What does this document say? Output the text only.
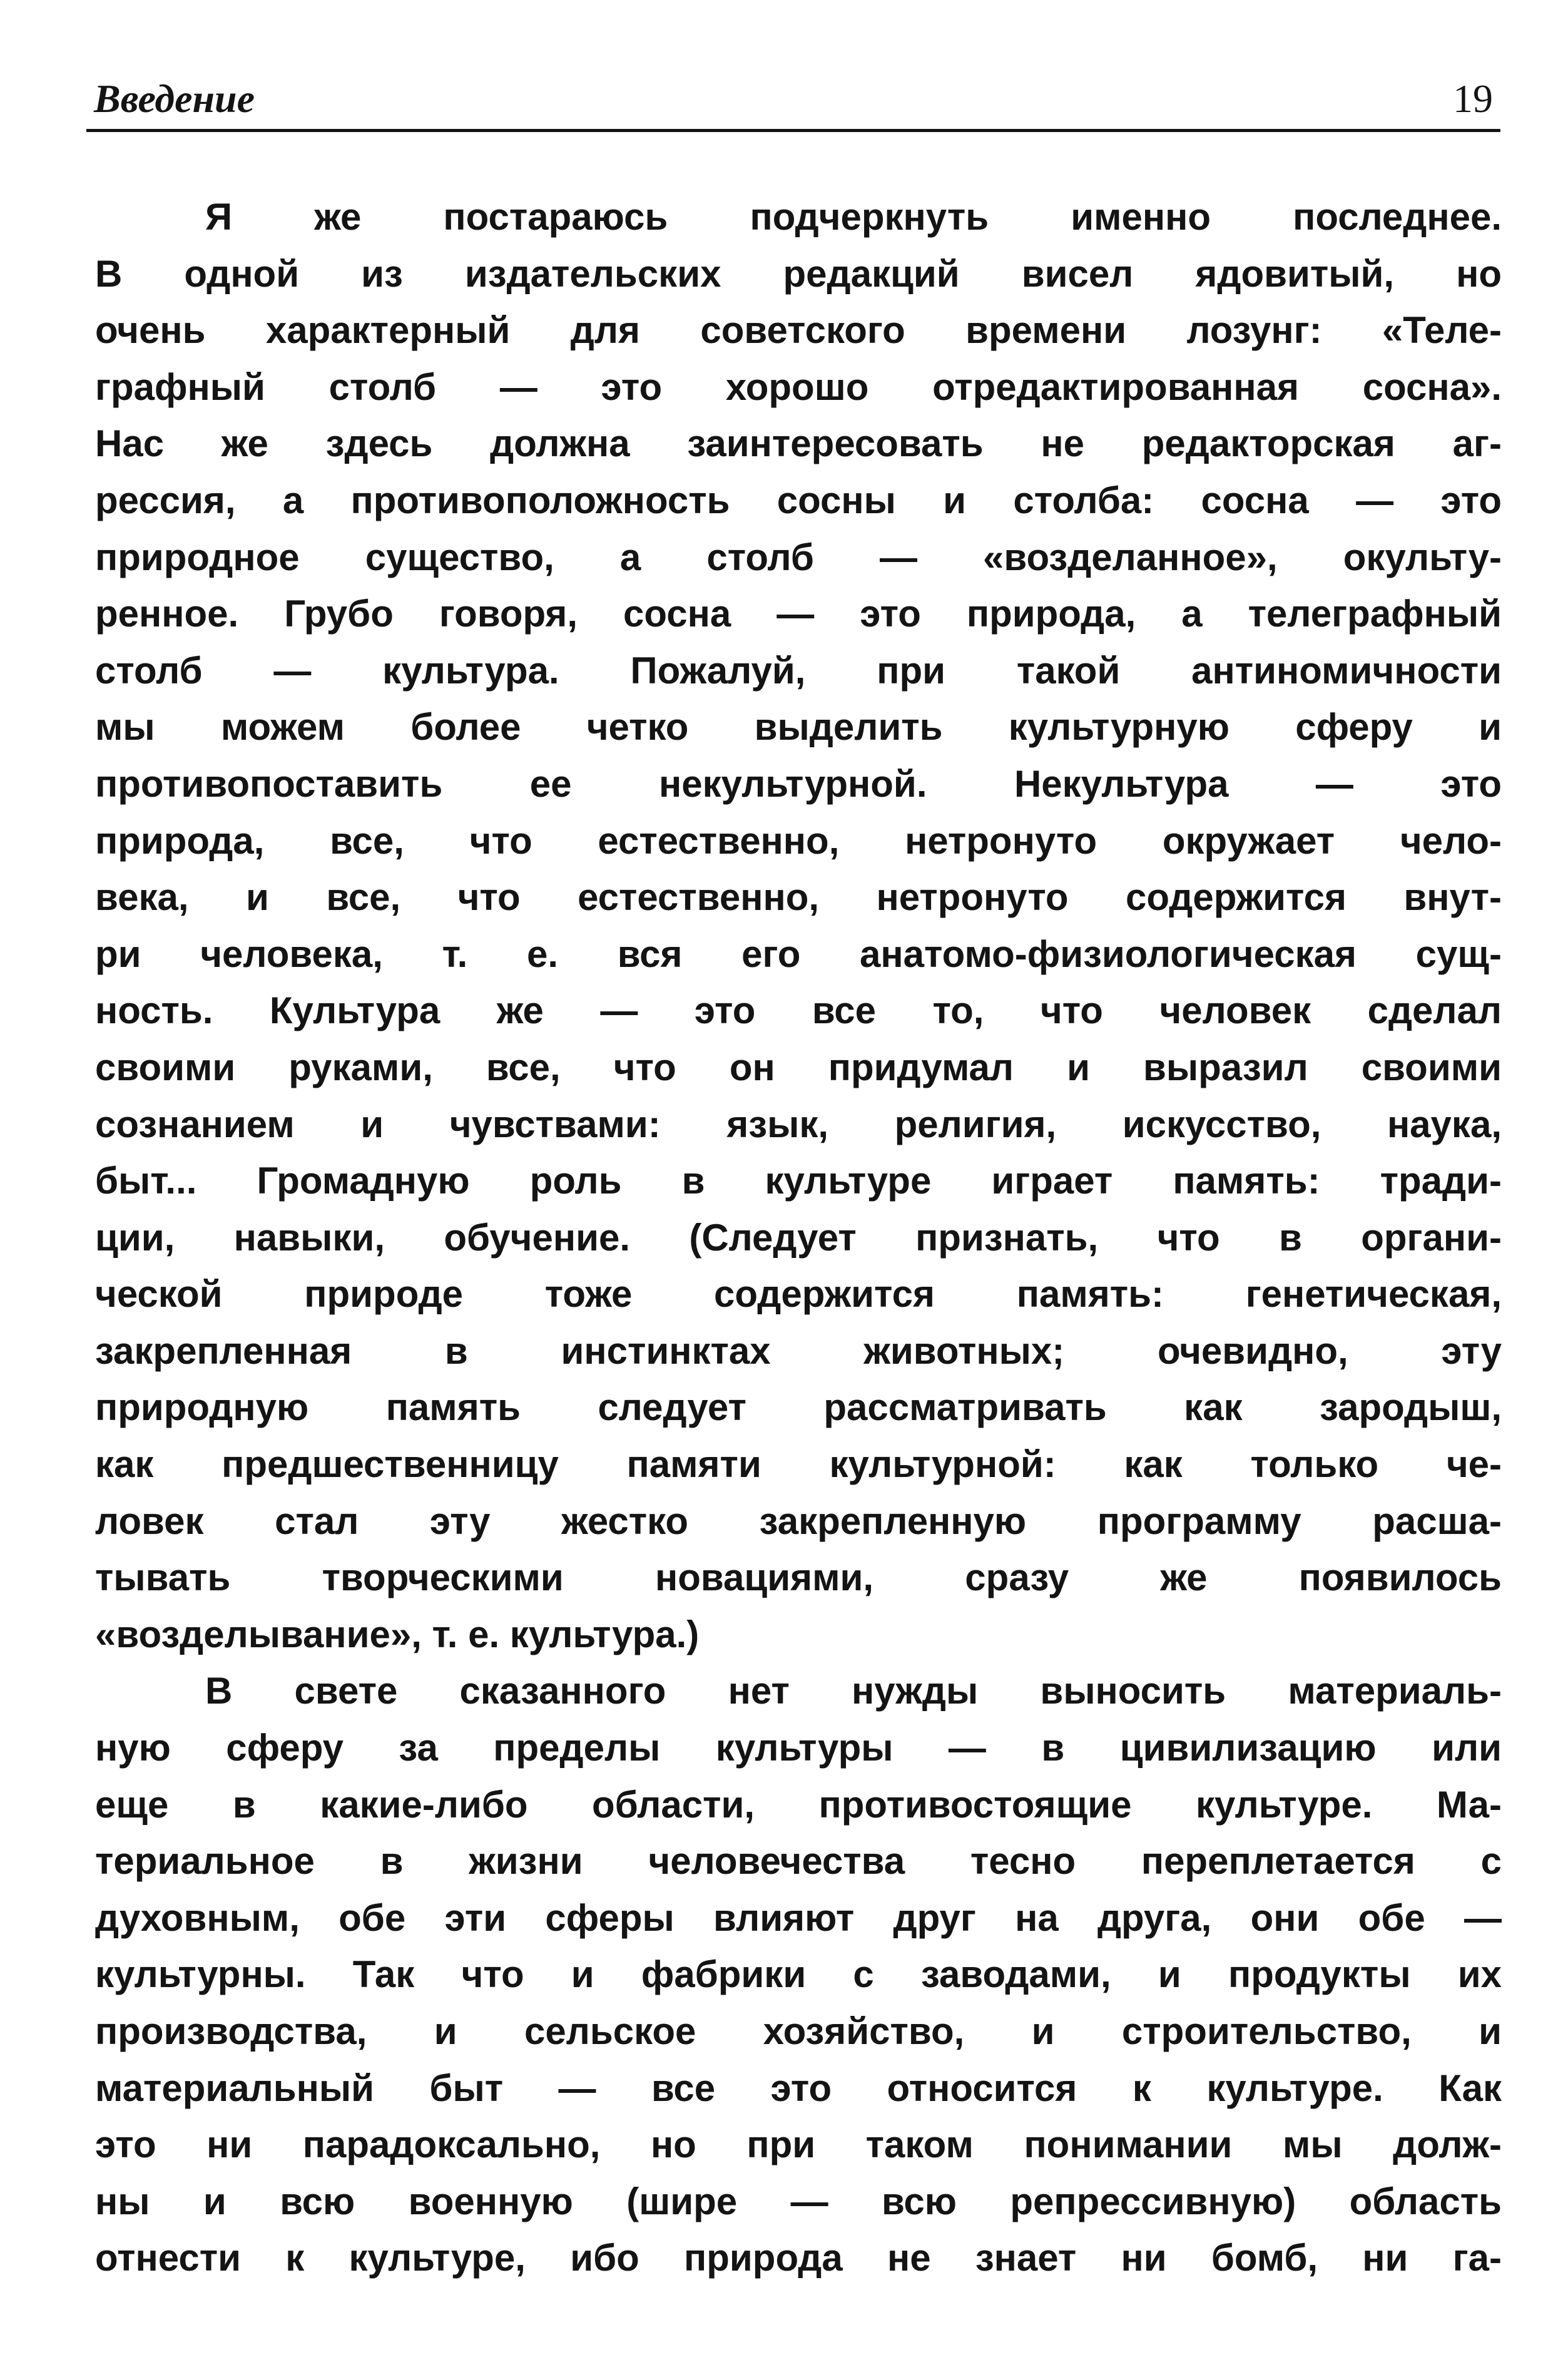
Введение	19
Я же постараюсь подчеркнуть именно последнее.
В одной из издательских редакций висел ядовитый, но
очень характерный для советского времени лозунг: «Теле-
графный столб — это хорошо отредактированная сосна».
Нас же здесь должна заинтересовать не редакторская аг-
рессия, а противоположность сосны и столба: сосна — это
природное существо, а столб — «возделанное», окульту-
ренное. Грубо говоря, сосна — это природа, а телеграфный
столб — культура. Пожалуй, при такой антиномичности
мы можем более четко выделить культурную сферу и
противопоставить ее некультурной. Некультура — это
природа, все, что естественно, нетронуто окружает чело-
века, и все, что естественно, нетронуто содержится внут-
ри человека, т. е. вся его анатомо-физиологическая сущ-
ность. Культура же — это все то, что человек сделал
своими руками, все, что он придумал и выразил своими
сознанием и чувствами: язык, религия, искусство, наука,
быт... Громадную роль в культуре играет память: тради-
ции, навыки, обучение. (Следует признать, что в органи-
ческой природе тоже содержится память: генетическая,
закрепленная в инстинктах животных; очевидно, эту
природную память следует рассматривать как зародыш,
как предшественницу памяти культурной: как только че-
ловек стал эту жестко закрепленную программу расша-
тывать творческими новациями, сразу же появилось
«возделывание», т. е. культура.)
В свете сказанного нет нужды выносить материаль-
ную сферу за пределы культуры — в цивилизацию или
еще в какие-либо области, противостоящие культуре. Ма-
териальное в жизни человечества тесно переплетается с
духовным, обе эти сферы влияют друг на друга, они обе —
культурны. Так что и фабрики с заводами, и продукты их
производства, и сельское хозяйство, и строительство, и
материальный быт — все это относится к культуре. Как
это ни парадоксально, но при таком понимании мы долж-
ны и всю военную (шире — всю репрессивную) область
отнести к культуре, ибо природа не знает ни бомб, ни га-
